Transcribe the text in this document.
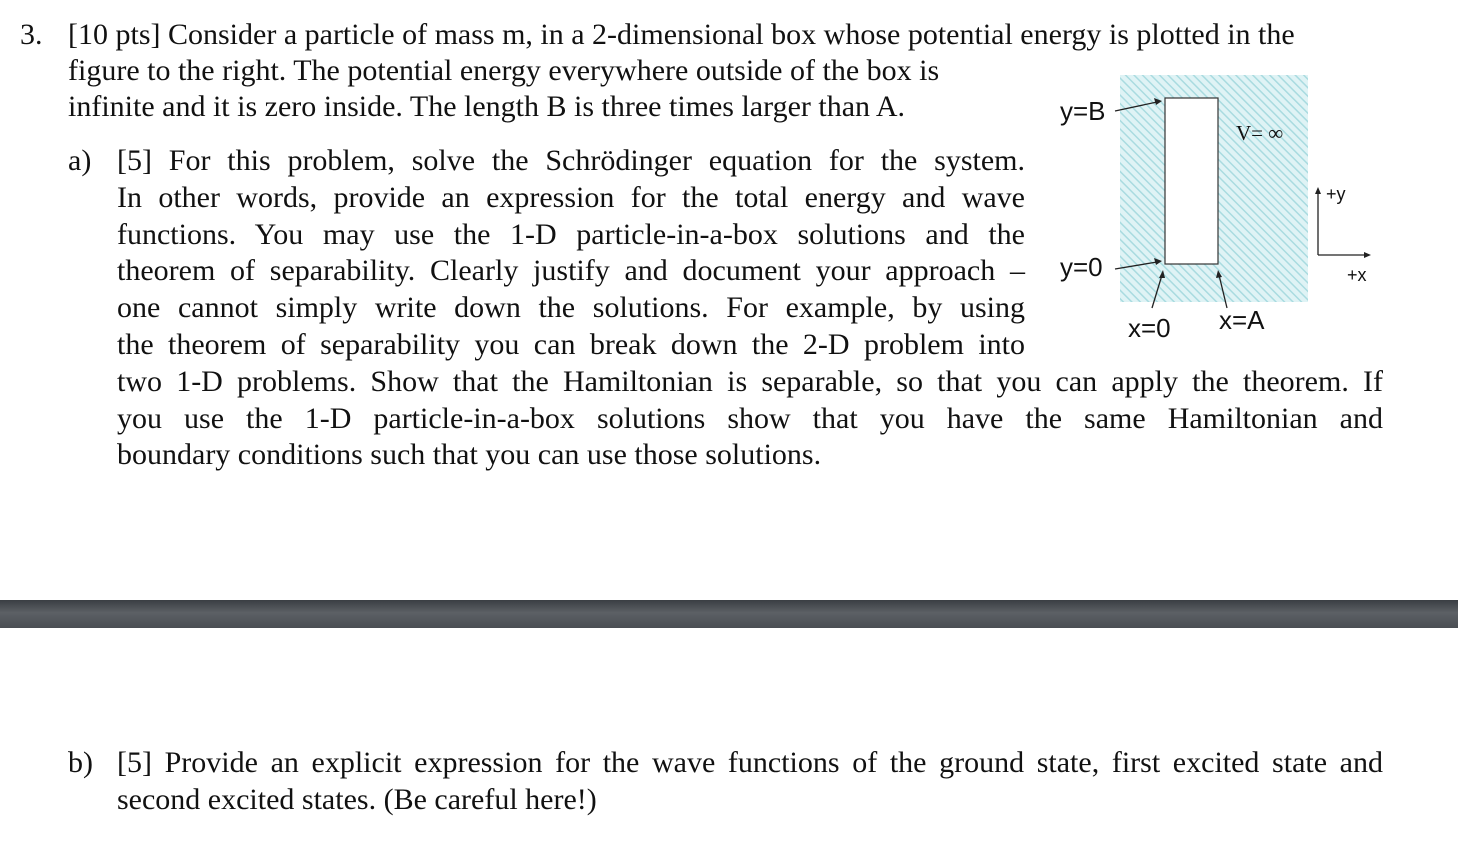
3. [10 pts] Consider a particle of mass m, in a 2-dimensional box whose potential energy is plotted in the
figure to the right. The potential energy everywhere outside of the box is
infinite and it is zero inside. The length B is three times larger than A.
a) [5] For this problem, solve the Schrödinger equation for the system.
In other words, provide an expression for the total energy and wave
functions. You may use the 1-D particle-in-a-box solutions and the
theorem of separability. Clearly justify and document your approach –
one cannot simply write down the solutions. For example, by using
the theorem of separability you can break down the 2-D problem into
two 1-D problems. Show that the Hamiltonian is separable, so that you can apply the theorem. If
you use the 1-D particle-in-a-box solutions show that you have the same Hamiltonian and
boundary conditions such that you can use those solutions.
y=B
y=0
x=0 x=A
V= ∞
+y
+x
b) [5] Provide an explicit expression for the wave functions of the ground state, first excited state and
second excited states. (Be careful here!)
